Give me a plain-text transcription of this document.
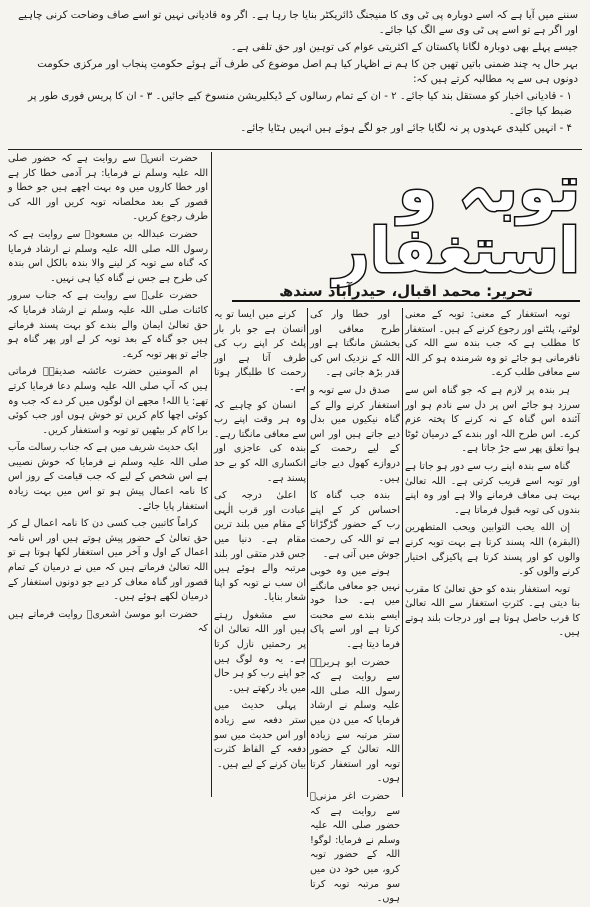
سننے میں آیا ہے کہ اسے دوبارہ پی ٹی وی کا منیجنگ ڈائریکٹر بنایا جا رہا ہے۔ اگر وہ قادیانی نہیں تو اسے صاف وضاحت کرنی چاہیے اور اگر ہے تو اسے پی ٹی وی سے الگ کیا جائے۔

جیسے پہلے بھی دوبارہ لگانا پاکستان کے اکثریتی عوام کی توہین اور حق تلفی ہے۔

بہر حال یہ چند ضمنی باتیں تھیں جن کا ہم نے اظہار کیا ہم اصل موضوع کی طرف آتے ہوئے حکومتِ پنجاب اور مرکزی حکومت دونوں ہی سے یہ مطالبہ کرتے ہیں کہ:

۱ - قادیانی اخبار کو مستقل بند کیا جائے۔ ۲ - ان کے تمام رسالوں کے ڈیکلیریشن منسوخ کیے جائیں۔ ۳ - ان کا پریس فوری طور پر ضبط کیا جائے۔

۴ - انہیں کلیدی عہدوں پر نہ لگایا جائے اور جو لگے ہوئے ہیں انہیں ہٹایا جائے۔

توبہ و استغفار
تحریر: محمد اقبال، حیدرآباد سندھ

حضرت انسؓ سے روایت ہے کہ حضور صلی اللہ علیہ وسلم نے فرمایا: ہر آدمی خطا کار ہے اور خطا کاروں میں وہ بہت اچھے ہیں جو خطا و قصور کے بعد مخلصانہ توبہ کریں اور اللہ کی طرف رجوع کریں۔

حضرت عبداللہ بن مسعودؓ سے روایت ہے کہ رسول اللہ صلی اللہ علیہ وسلم نے ارشاد فرمایا کہ گناہ سے توبہ کر لینے والا بندہ بالکل اس بندہ کی طرح ہے جس نے گناہ کیا ہی نہیں۔

حضرت علیؓ سے روایت ہے کہ جناب سرور کائنات صلی اللہ علیہ وسلم نے ارشاد فرمایا کہ حق تعالیٰ ایمان والے بندے کو بہت پسند فرماتے ہیں جو گناہ کے بعد توبہ کر لے اور پھر گناہ ہو جائے تو پھر توبہ کرے۔

ام المومنین حضرت عائشہ صدیقہؓ فرماتی ہیں کہ آپ صلی اللہ علیہ وسلم دعا فرمایا کرتے تھے: یا اللہ! مجھے ان لوگوں میں کر دے کہ جب وہ کوئی اچھا کام کریں تو خوش ہوں اور جب کوئی برا کام کر بیٹھیں تو توبہ و استغفار کریں۔

ایک حدیث شریف میں ہے کہ جناب رسالت مآب صلی اللہ علیہ وسلم نے فرمایا کہ خوش نصیبی ہے اس شخص کے لیے کہ جب قیامت کے روز اس کا نامہ اعمال پیش ہو تو اس میں بہت زیادہ استغفار پایا جائے۔

کراماً کاتبین جب کسی دن کا نامہ اعمال لے کر حق تعالیٰ کے حضور پیش ہوتے ہیں اور اس نامہ اعمال کے اول و آخر میں استغفار لکھا ہوتا ہے تو اللہ تعالیٰ فرماتے ہیں کہ میں نے درمیان کے تمام قصور اور گناہ معاف کر دیے جو دونوں استغفار کے درمیان لکھے ہوئے ہیں۔

حضرت ابو موسیٰ اشعریؓ روایت فرماتے ہیں کہ

توبہ استغفار کے معنی: توبہ کے معنی لوٹنے، پلٹنے اور رجوع کرنے کے ہیں۔ استغفار کا مطلب ہے کہ جب بندہ سے اللہ کی نافرمانی ہو جائے تو وہ شرمندہ ہو کر اللہ سے معافی طلب کرے۔

ہر بندہ پر لازم ہے کہ جو گناہ اس سے سرزد ہو جائے اس پر دل سے نادم ہو اور آئندہ اس گناہ کے نہ کرنے کا پختہ عزم کرے۔ اس طرح اللہ اور بندے کے درمیان ٹوٹا ہوا تعلق پھر سے جڑ جاتا ہے۔

گناہ سے بندہ اپنے رب سے دور ہو جاتا ہے اور توبہ اسے قریب کرتی ہے۔ اللہ تعالیٰ بہت ہی معاف فرمانے والا ہے اور وہ اپنے بندوں کی توبہ قبول فرماتا ہے۔

إن الله يحب التوابين ويحب المتطهرين (البقرہ) اللہ پسند کرتا ہے بہت توبہ کرنے والوں کو اور پسند کرتا ہے پاکیزگی اختیار کرنے والوں کو۔

توبہ استغفار بندہ کو حق تعالیٰ کا مقرب بنا دیتی ہے۔ کثرتِ استغفار سے اللہ تعالیٰ کا قرب حاصل ہوتا ہے اور درجات بلند ہوتے ہیں۔

اور خطا وار کی طرح معافی اور بخشش مانگتا ہے اور اللہ کے نزدیک اس کی قدر بڑھ جاتی ہے۔

صدق دل سے توبہ و استغفار کرنے والے کے گناہ نیکیوں میں بدل دیے جاتے ہیں اور اس کے لیے رحمت کے دروازے کھول دیے جاتے ہیں۔

بندہ جب گناہ کا احساس کر کے اپنے رب کے حضور گڑگڑاتا ہے تو اللہ کی رحمت جوش میں آتی ہے۔

ہونے میں وہ خوبی نہیں جو معافی مانگنے میں ہے۔ خدا خود ایسے بندے سے محبت کرتا ہے اور اسے پاک فرما دیتا ہے۔

حضرت ابو ہریرہؓ سے روایت ہے کہ رسول اللہ صلی اللہ علیہ وسلم نے ارشاد فرمایا کہ میں دن میں ستر مرتبہ سے زیادہ اللہ تعالیٰ کے حضور توبہ اور استغفار کرتا ہوں۔

حضرت اغر مزنیؓ سے روایت ہے کہ حضور صلی اللہ علیہ وسلم نے فرمایا: لوگو! اللہ کے حضور توبہ کرو، میں خود دن میں سو مرتبہ توبہ کرتا ہوں۔

کرنے میں ایسا تو یہ انسان ہے جو بار بار پلٹ کر اپنے رب کی طرف آتا ہے اور رحمت کا طلبگار ہوتا ہے۔

انسان کو چاہیے کہ وہ ہر وقت اپنے رب سے معافی مانگتا رہے۔ بندہ کی عاجزی اور انکساری اللہ کو بے حد پسند ہے۔

اعلیٰ درجہ کی عبادت اور قرب الٰہی کے مقام میں بلند ترین مقام ہے۔ دنیا میں جس قدر متقی اور بلند مرتبہ والے ہوئے ہیں ان سب نے توبہ کو اپنا شعار بنایا۔

سے مشغول رہتے ہیں اور اللہ تعالیٰ ان پر رحمتیں نازل کرتا ہے۔ یہ وہ لوگ ہیں جو اپنے رب کو ہر حال میں یاد رکھتے ہیں۔

پہلی حدیث میں ستر دفعہ سے زیادہ اور اس حدیث میں سو دفعہ کے الفاظ کثرت بیان کرنے کے لیے ہیں۔
